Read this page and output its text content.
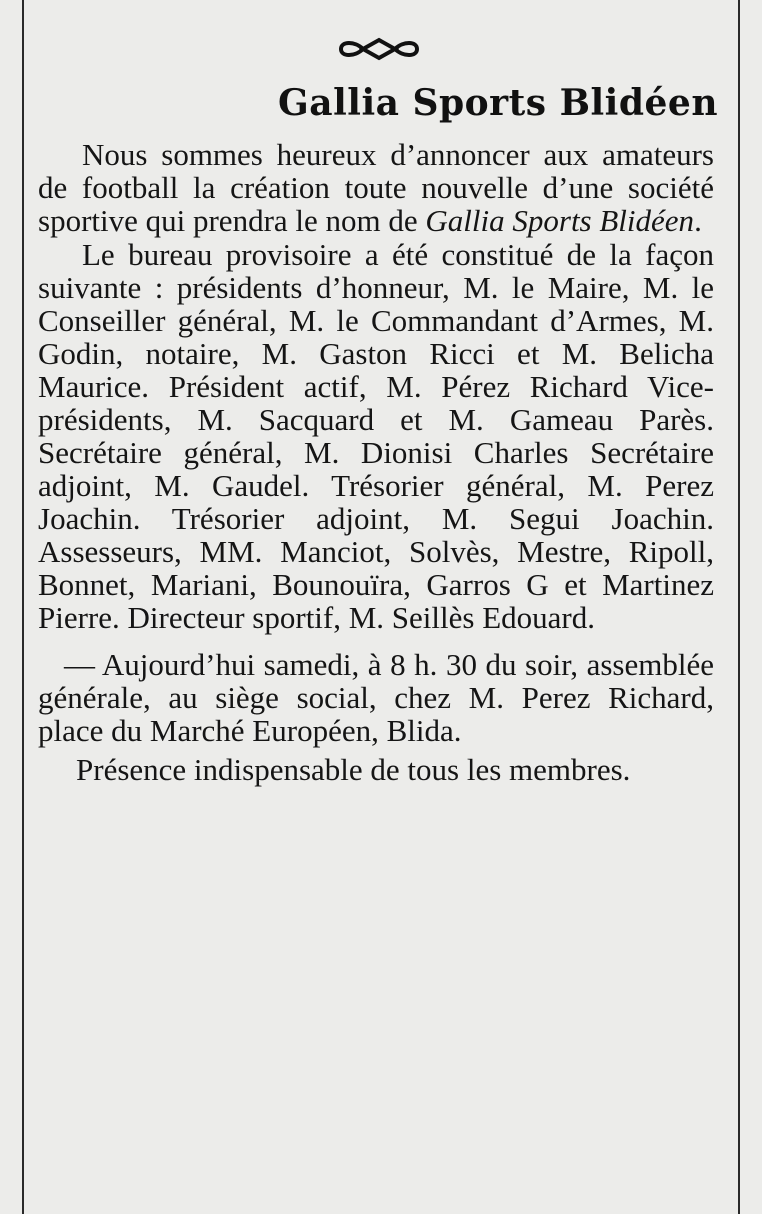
Gallia Sports Blidéen

Nous sommes heureux d’annoncer aux amateurs de football la création toute nouvelle d’une société sportive qui prendra le nom de Gallia Sports Blidéen.

Le bureau provisoire a été constitué de la façon suivante : présidents d’honneur, M. le Maire, M. le Conseiller général, M. le Commandant d’Armes, M. Godin, notaire, M. Gaston Ricci et M. Belicha Maurice. Président actif, M. Pérez Richard Vice-présidents, M. Sacquard et M. Gameau Parès. Secrétaire général, M. Dionisi Charles Secrétaire adjoint, M. Gaudel. Trésorier général, M. Perez Joachin. Trésorier adjoint, M. Segui Joachin. Assesseurs, MM. Manciot, Solvès, Mestre, Ripoll, Bonnet, Mariani, Bounouïra, Garros G et Martinez Pierre. Directeur sportif, M. Seillès Edouard.

— Aujourd’hui samedi, à 8 h. 30 du soir, assemblée générale, au siège social, chez M. Perez Richard, place du Marché Européen, Blida.

Présence indispensable de tous les membres.
